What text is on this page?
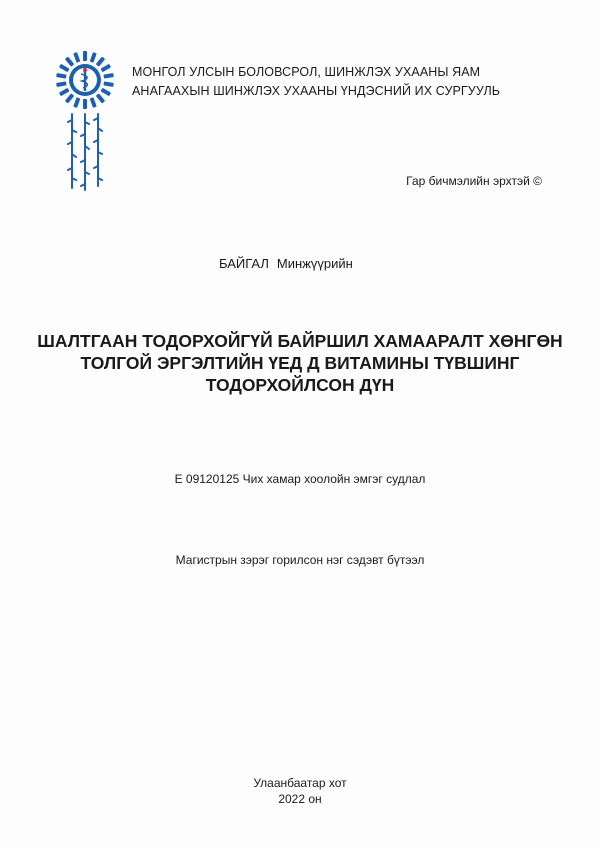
МОНГОЛ УЛСЫН БОЛОВСРОЛ, ШИНЖЛЭХ УХААНЫ ЯАМ
АНАГААХЫН ШИНЖЛЭХ УХААНЫ ҮНДЭСНИЙ ИХ СУРГУУЛЬ
Гар бичмэлийн эрхтэй ©
БАЙГАЛ Минжүүрийн
ШАЛТГААН ТОДОРХОЙГҮЙ БАЙРШИЛ ХАМААРАЛТ ХӨНГӨН
ТОЛГОЙ ЭРГЭЛТИЙН ҮЕД Д ВИТАМИНЫ ТҮВШИНГ
ТОДОРХОЙЛСОН ДҮН
Е 09120125 Чих хамар хоолойн эмгэг судлал
Магистрын зэрэг горилсон нэг сэдэвт бүтээл
Улаанбаатар хот
2022 он
